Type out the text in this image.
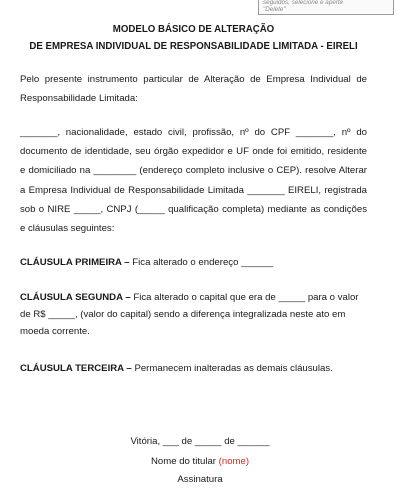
seguidos, selecione e aperte
"Delete"
MODELO BÁSICO DE ALTERAÇÃO
DE EMPRESA INDIVIDUAL DE RESPONSABILIDADE LIMITADA - EIRELI
Pelo presente instrumento particular de Alteração de Empresa Individual de Responsabilidade Limitada:
_______, nacionalidade, estado civil, profissão, nº do CPF _______, nº do documento de identidade, seu órgão expedidor e UF onde foi emitido, residente e domiciliado na ________ (endereço completo inclusive o CEP). resolve Alterar a Empresa Individual de Responsabilidade Limitada _______ EIRELI, registrada sob o NIRE _____, CNPJ (_____ qualificação completa) mediante as condições e cláusulas seguintes:
CLÁUSULA PRIMEIRA – Fica alterado o endereço ______
CLÁUSULA SEGUNDA – Fica alterado o capital que era de _____ para o valor de R$ _____, (valor do capital) sendo a diferença integralizada neste ato em moeda corrente.
CLÁUSULA TERCEIRA – Permanecem inalteradas as demais cláusulas.
Vitória, ___ de _____ de ______
Nome do titular (nome)
Assinatura
